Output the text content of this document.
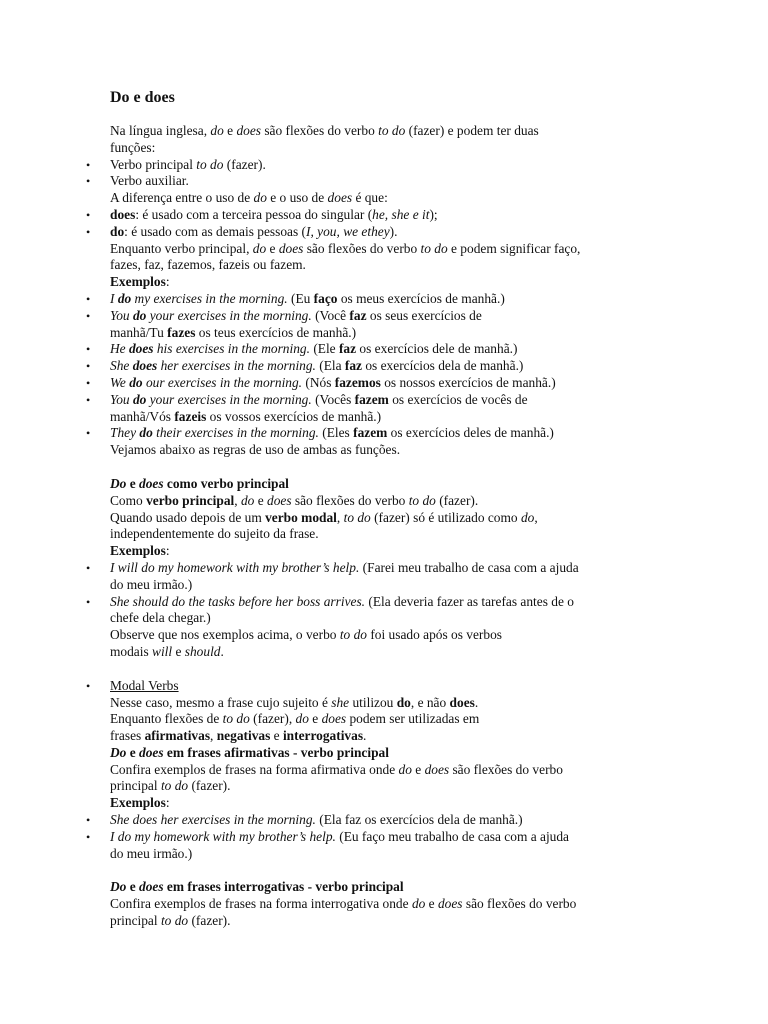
Do e does
Na língua inglesa, do e does são flexões do verbo to do (fazer) e podem ter duas
funções:
• Verbo principal to do (fazer).
• Verbo auxiliar.
A diferença entre o uso de do e o uso de does é que:
• does: é usado com a terceira pessoa do singular (he, she e it);
• do: é usado com as demais pessoas (I, you, we ethey).
Enquanto verbo principal, do e does são flexões do verbo to do e podem significar faço,
fazes, faz, fazemos, fazeis ou fazem.
Exemplos:
• I do my exercises in the morning. (Eu faço os meus exercícios de manhã.)
• You do your exercises in the morning. (Você faz os seus exercícios de
manhã/Tu fazes os teus exercícios de manhã.)
• He does his exercises in the morning. (Ele faz os exercícios dele de manhã.)
• She does her exercises in the morning. (Ela faz os exercícios dela de manhã.)
• We do our exercises in the morning. (Nós fazemos os nossos exercícios de manhã.)
• You do your exercises in the morning. (Vocês fazem os exercícios de vocês de
manhã/Vós fazeis os vossos exercícios de manhã.)
• They do their exercises in the morning. (Eles fazem os exercícios deles de manhã.)
Vejamos abaixo as regras de uso de ambas as funções.
Do e does como verbo principal
Como verbo principal, do e does são flexões do verbo to do (fazer).
Quando usado depois de um verbo modal, to do (fazer) só é utilizado como do,
independentemente do sujeito da frase.
Exemplos:
• I will do my homework with my brother’s help. (Farei meu trabalho de casa com a ajuda
do meu irmão.)
• She should do the tasks before her boss arrives. (Ela deveria fazer as tarefas antes de o
chefe dela chegar.)
Observe que nos exemplos acima, o verbo to do foi usado após os verbos
modais will e should.
• Modal Verbs
Nesse caso, mesmo a frase cujo sujeito é she utilizou do, e não does.
Enquanto flexões de to do (fazer), do e does podem ser utilizadas em
frases afirmativas, negativas e interrogativas.
Do e does em frases afirmativas - verbo principal
Confira exemplos de frases na forma afirmativa onde do e does são flexões do verbo
principal to do (fazer).
Exemplos:
• She does her exercises in the morning. (Ela faz os exercícios dela de manhã.)
• I do my homework with my brother’s help. (Eu faço meu trabalho de casa com a ajuda
do meu irmão.)
Do e does em frases interrogativas - verbo principal
Confira exemplos de frases na forma interrogativa onde do e does são flexões do verbo
principal to do (fazer).
